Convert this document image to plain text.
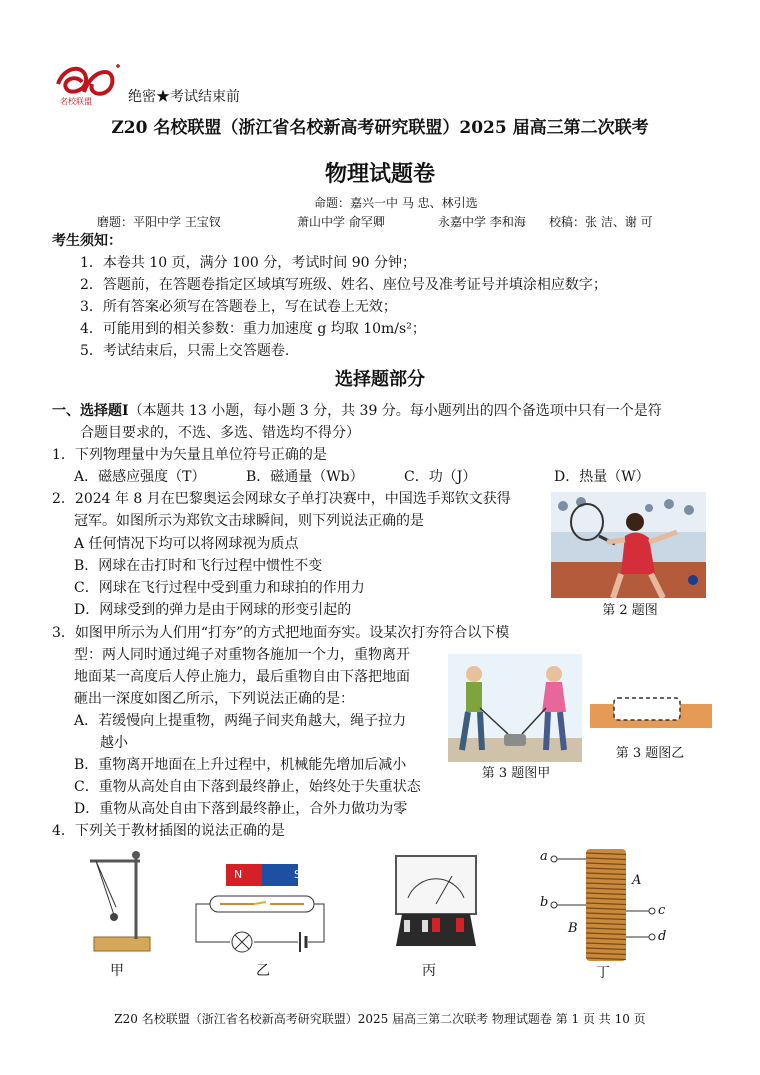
名校联盟	绝密★考试结束前
Z20 名校联盟（浙江省名校新高考研究联盟）2025 届高三第二次联考
物理试题卷
命题：嘉兴一中 马 忠、林引选
磨题：平阳中学 王宝钗	萧山中学 俞罕卿	永嘉中学 李和海 校稿：张 洁、谢 可
考生须知：
1．本卷共 10 页，满分 100 分，考试时间 90 分钟；
2．答题前，在答题卷指定区域填写班级、姓名、座位号及准考证号并填涂相应数字；
3．所有答案必须写在答题卷上，写在试卷上无效；
4．可能用到的相关参数：重力加速度 g 均取 10m/s²；
5．考试结束后，只需上交答题卷.
选择题部分
一、选择题Ⅰ（本题共 13 小题，每小题 3 分，共 39 分。每小题列出的四个备选项中只有一个是符
合题目要求的，不选、多选、错选均不得分）
1．下列物理量中为矢量且单位符号正确的是
A．磁感应强度（T）	B．磁通量（Wb）	C．功（J）	D．热量（W）
2．2024 年 8 月在巴黎奥运会网球女子单打决赛中，中国选手郑钦文获得
冠军。如图所示为郑钦文击球瞬间，则下列说法正确的是
A 任何情况下均可以将网球视为质点
B．网球在击打时和飞行过程中惯性不变
C．网球在飞行过程中受到重力和球拍的作用力
D．网球受到的弹力是由于网球的形变引起的	第 2 题图
3．如图甲所示为人们用“打夯”的方式把地面夯实。设某次打夯符合以下模
型：两人同时通过绳子对重物各施加一个力，重物离开
地面某一高度后人停止施力，最后重物自由下落把地面
砸出一深度如图乙所示，下列说法正确的是：
A．若缓慢向上提重物，两绳子间夹角越大，绳子拉力
越小
B．重物离开地面在上升过程中，机械能先增加后减小
C．重物从高处自由下落到最终静止，始终处于失重状态
D．重物从高处自由下落到最终静止，合外力做功为零
第 3 题图甲
第 3 题图乙
4．下列关于教材插图的说法正确的是
甲
N	S
乙	丙
a
b
c
d
A
B
丁
Z20 名校联盟（浙江省名校新高考研究联盟）2025 届高三第二次联考 物理试题卷 第 1 页 共 10 页
